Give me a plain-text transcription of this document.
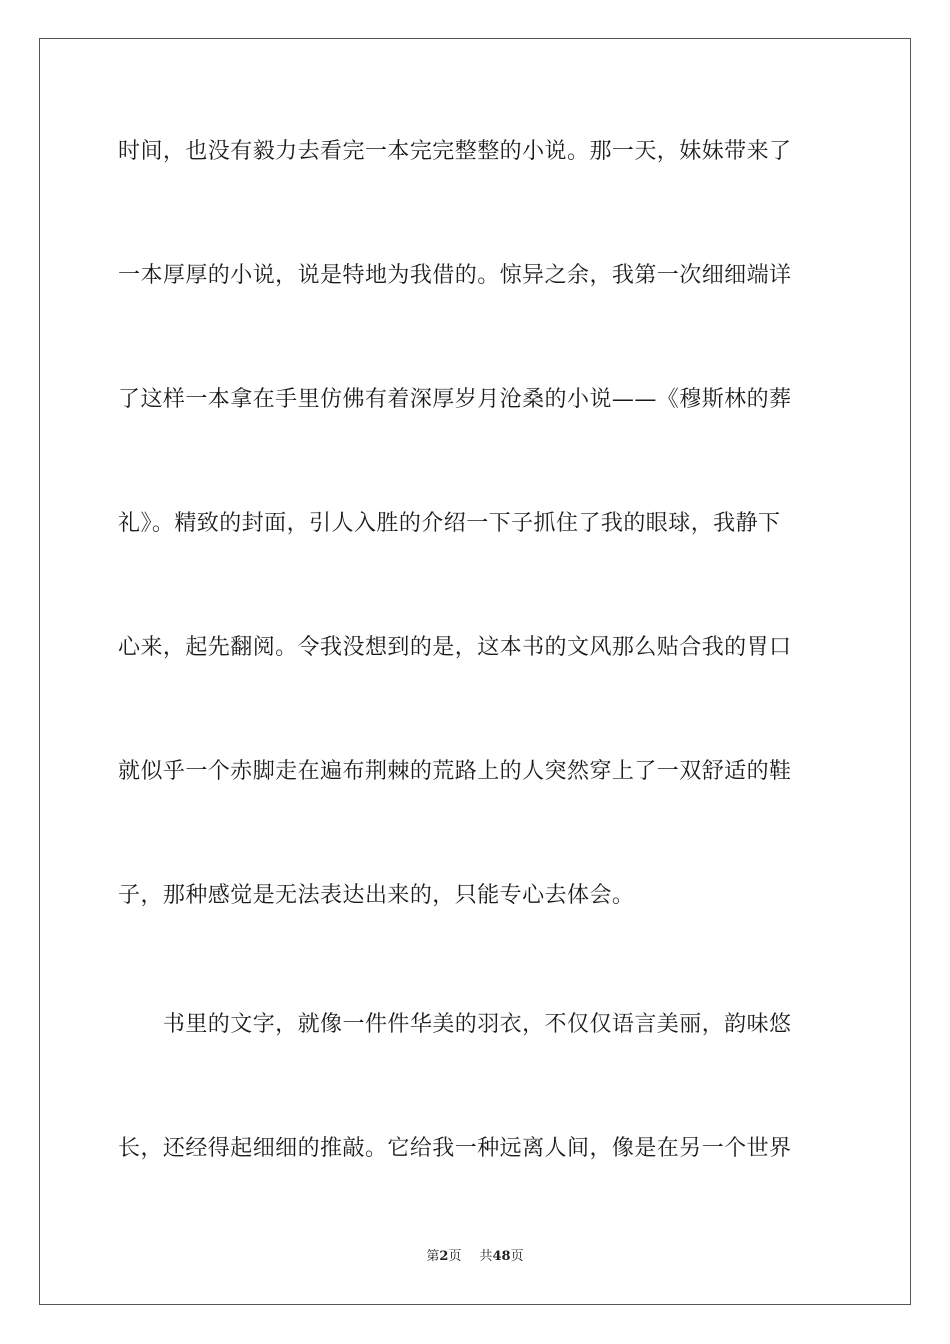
时间，也没有毅力去看完一本完完整整的小说。那一天，妹妹带来了
一本厚厚的小说，说是特地为我借的。惊异之余，我第一次细细端详
了这样一本拿在手里仿佛有着深厚岁月沧桑的小说——《穆斯林的葬
礼》。精致的封面，引人入胜的介绍一下子抓住了我的眼球，我静下
心来，起先翻阅。令我没想到的是，这本书的文风那么贴合我的胃口
就似乎一个赤脚走在遍布荆棘的荒路上的人突然穿上了一双舒适的鞋
子，那种感觉是无法表达出来的，只能专心去体会。
　　书里的文字，就像一件件华美的羽衣，不仅仅语言美丽，韵味悠
长，还经得起细细的推敲。它给我一种远离人间，像是在另一个世界
第2页 共48页
